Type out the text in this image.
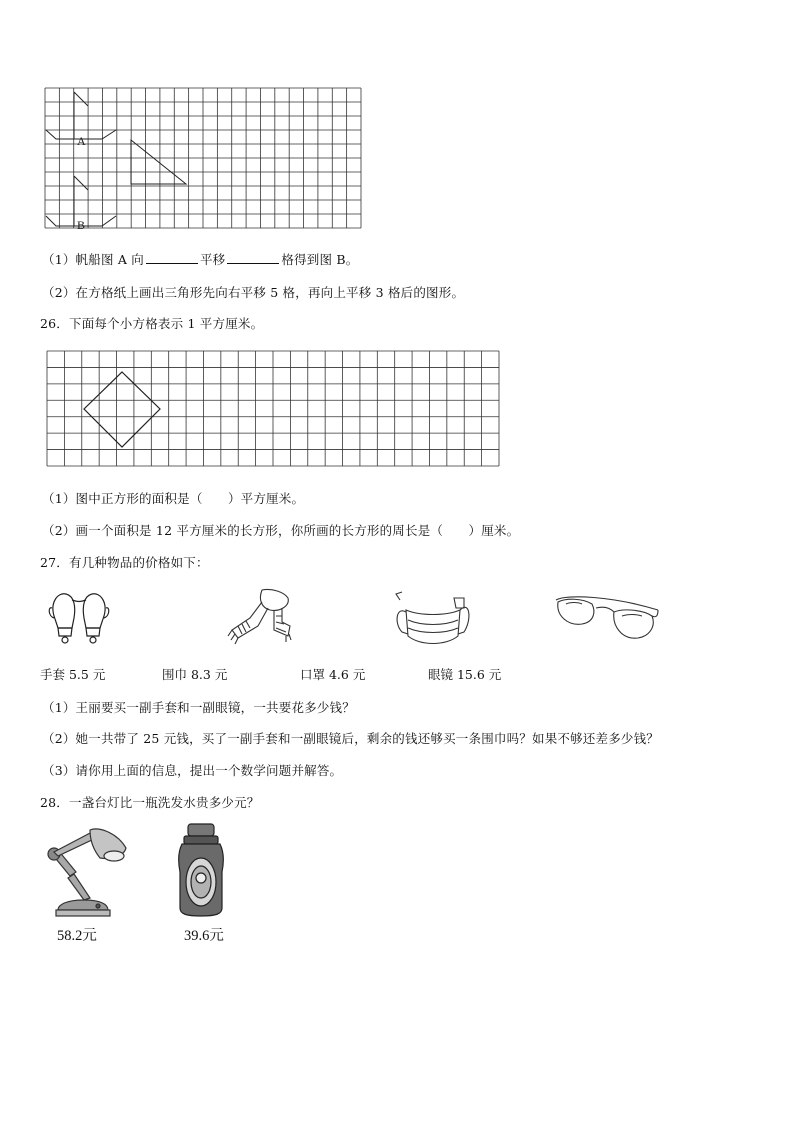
A
B
（1）帆船图 A 向	平移	格得到图 B。
（2）在方格纸上画出三角形先向右平移 5 格，再向上平移 3 格后的图形。
26．下面每个小方格表示 1 平方厘米。
（1）图中正方形的面积是（　　）平方厘米。
（2）画一个面积是 12 平方厘米的长方形，你所画的长方形的周长是（　　）厘米。
27．有几种物品的价格如下：
手套 5.5 元	围巾 8.3 元	口罩 4.6 元	眼镜 15.6 元
（1）王丽要买一副手套和一副眼镜，一共要花多少钱？
（2）她一共带了 25 元钱，买了一副手套和一副眼镜后，剩余的钱还够买一条围巾吗？如果不够还差多少钱？
（3）请你用上面的信息，提出一个数学问题并解答。
28．一盏台灯比一瓶洗发水贵多少元？
58.2元	39.6元
